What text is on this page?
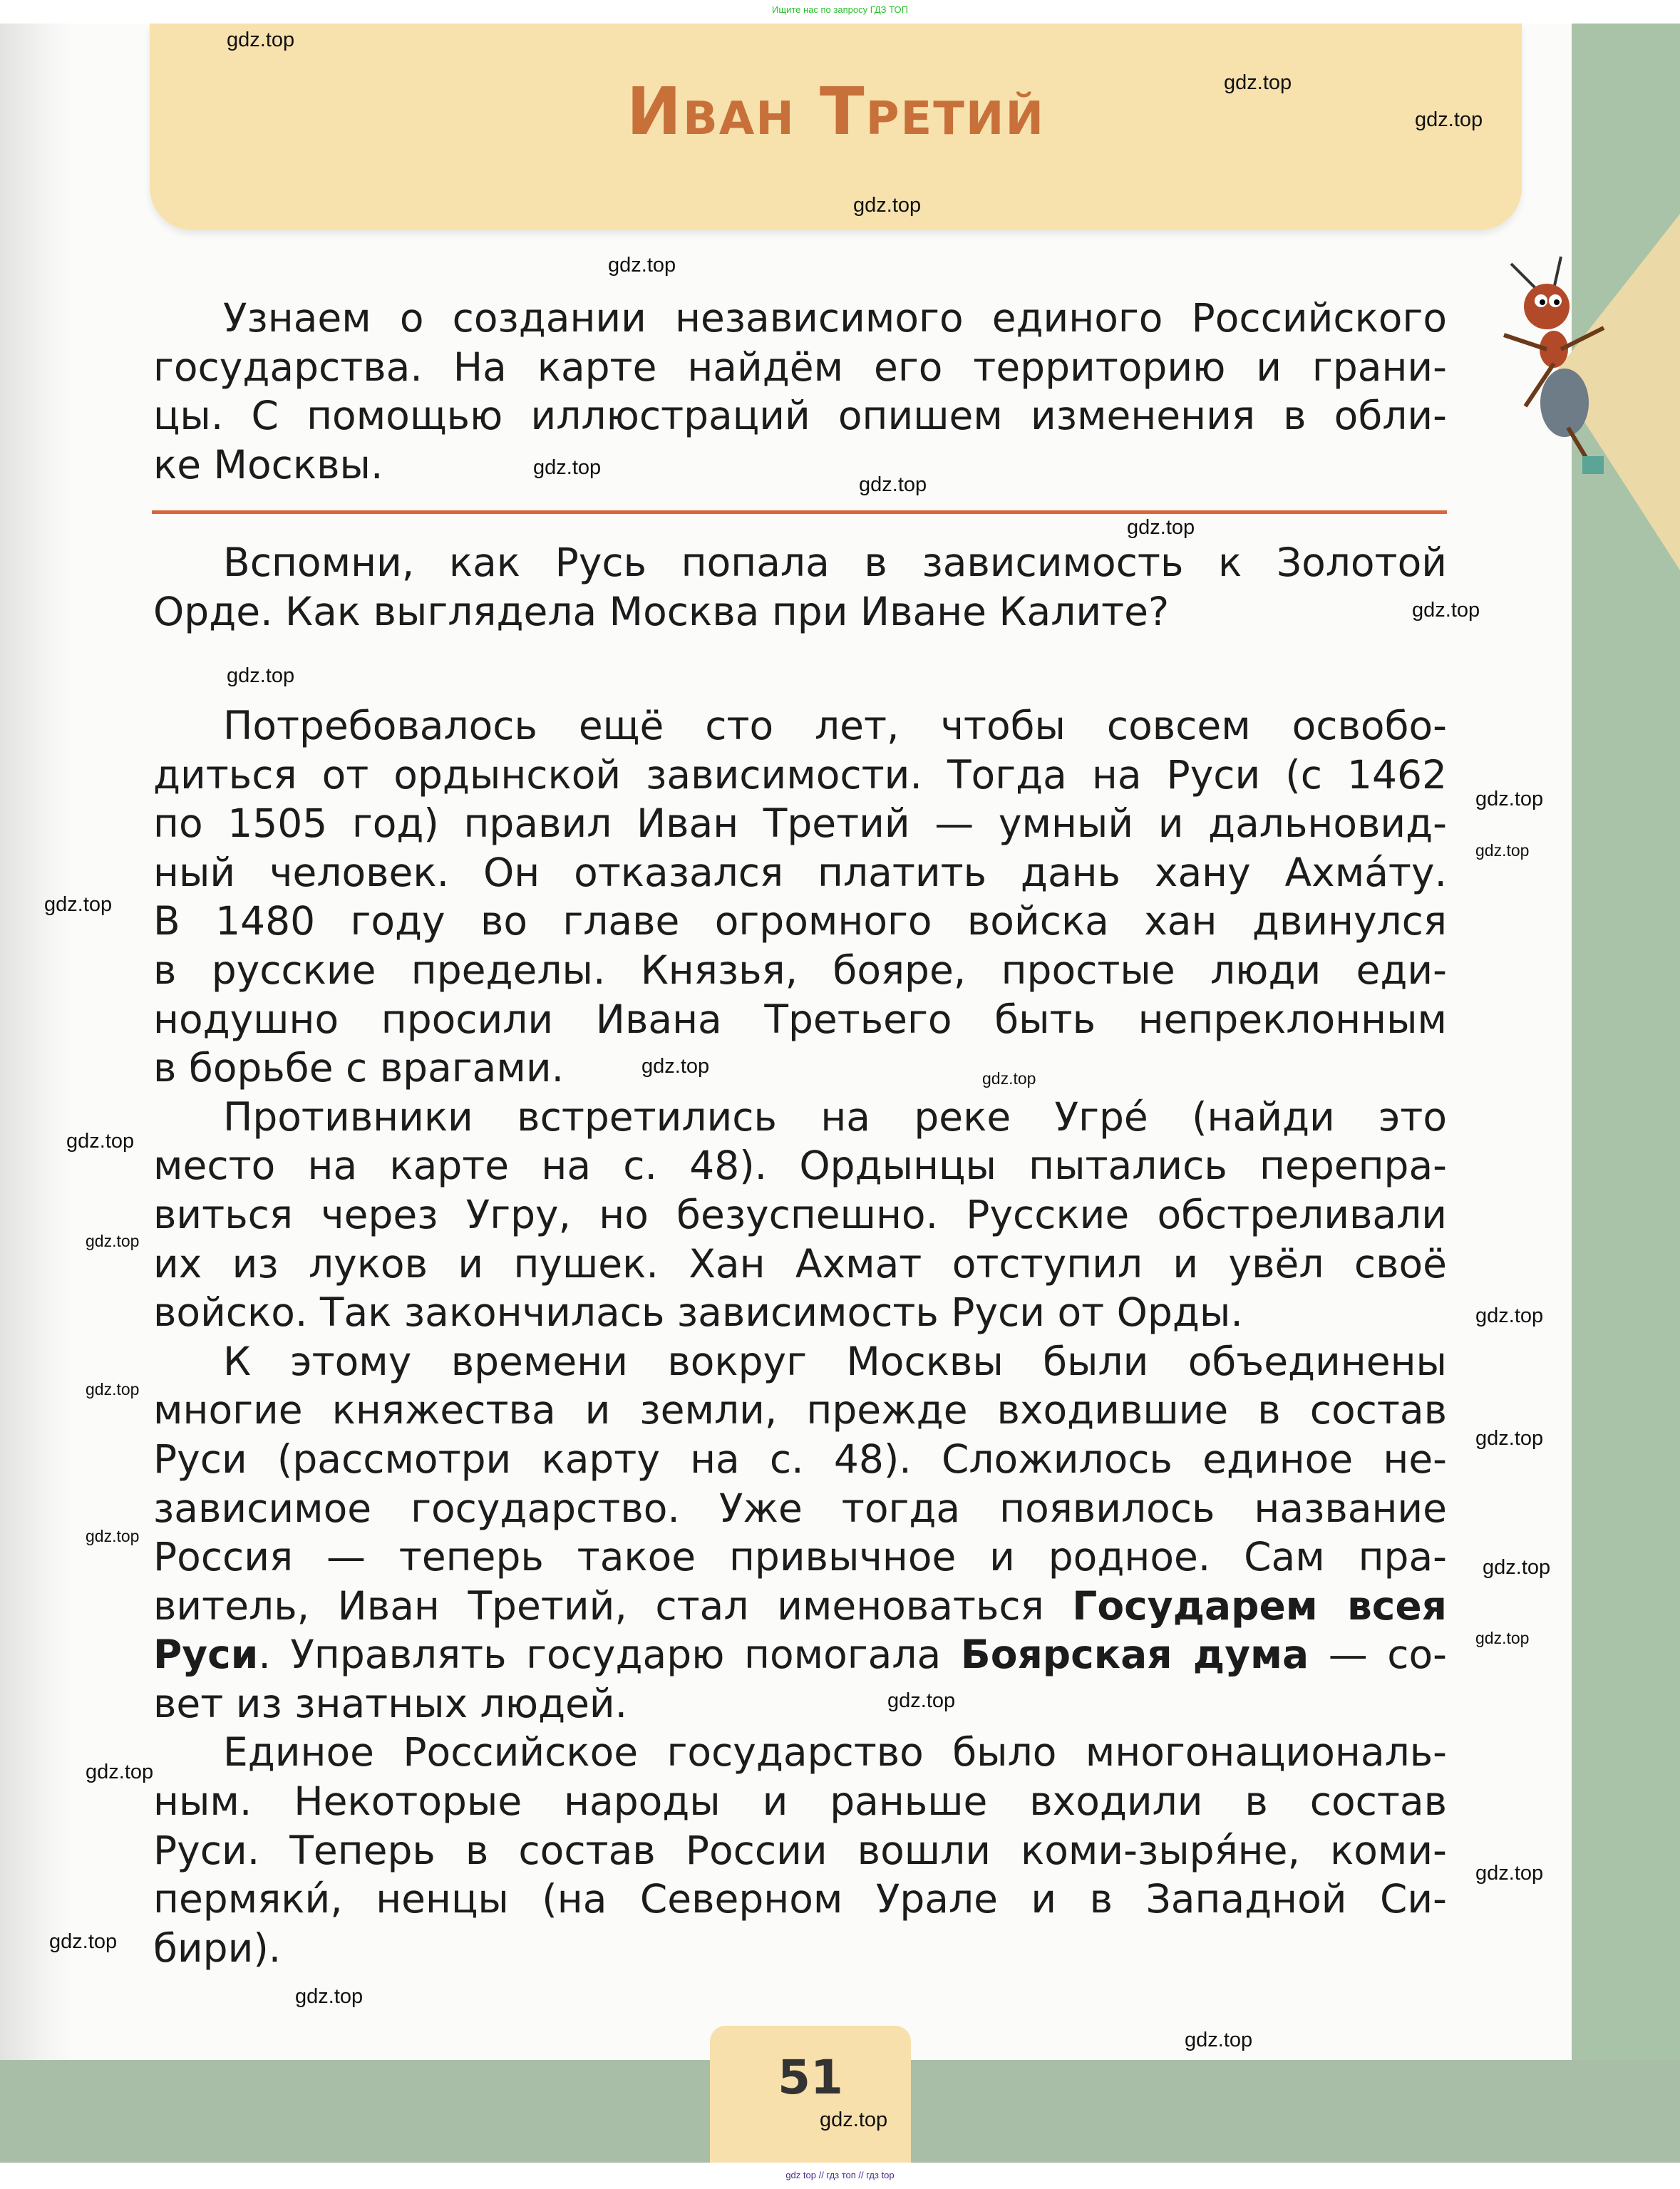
Ищите нас по запросу ГДЗ ТОП
Иван Третий
Узнаем о создании независимого единого Российского
государства. На карте найдём его территорию и грани-
цы. С помощью иллюстраций опишем изменения в обли-
ке Москвы.
Вспомни, как Русь попала в зависимость к Золотой
Орде. Как выглядела Москва при Иване Калите?
Потребовалось ещё сто лет, чтобы совсем освобо-
диться от ордынской зависимости. Тогда на Руси (с 1462
по 1505 год) правил Иван Третий — умный и дальновид-
ный человек. Он отказался платить дань хану Ахма́ту.
В 1480 году во главе огромного войска хан двинулся
в русские пределы. Князья, бояре, простые люди еди-
нодушно просили Ивана Третьего быть непреклонным
в борьбе с врагами.
Противники встретились на реке Угре́ (найди это
место на карте на с. 48). Ордынцы пытались перепра-
виться через Угру, но безуспешно. Русские обстреливали
их из луков и пушек. Хан Ахмат отступил и увёл своё
войско. Так закончилась зависимость Руси от Орды.
К этому времени вокруг Москвы были объединены
многие княжества и земли, прежде входившие в состав
Руси (рассмотри карту на с. 48). Сложилось единое не-
зависимое государство. Уже тогда появилось название
Россия — теперь такое привычное и родное. Сам пра-
витель, Иван Третий, стал именоваться Государем всея
Руси. Управлять государю помогала Боярская дума — со-
вет из знатных людей.
Единое Российское государство было многонациональ-
ным. Некоторые народы и раньше входили в состав
Руси. Теперь в состав России вошли коми-зыря́не, коми-
пермяки́, ненцы (на Северном Урале и в Западной Си-
бири).
51
gdz.top
gdz.top
gdz.top
gdz.top
gdz.top
gdz.top
gdz.top
gdz.top
gdz.top
gdz.top
gdz.top
gdz.top
gdz.top
gdz.top
gdz.top
gdz.top
gdz.top
gdz.top
gdz.top
gdz.top
gdz.top
gdz.top
gdz.top
gdz.top
gdz.top
gdz.top
gdz.top
gdz.top
gdz.top
gdz.top
gdz top // гдз топ // гдз top
